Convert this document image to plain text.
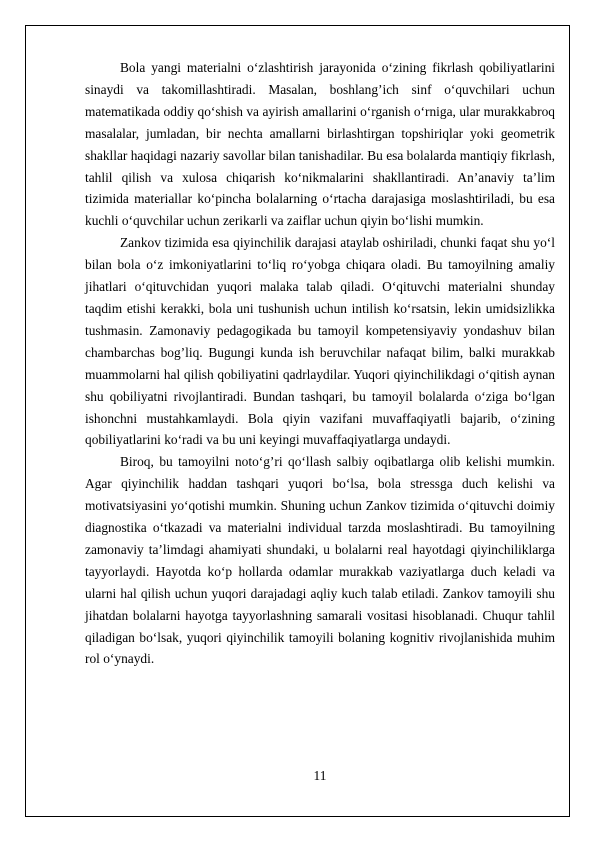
Bola yangi materialni o‘zlashtirish jarayonida o‘zining fikrlash qobiliyatlarini sinaydi va takomillashtiradi. Masalan, boshlang’ich sinf o‘quvchilari uchun matematikada oddiy qo‘shish va ayirish amallarini o‘rganish o‘rniga, ular murakkabroq masalalar, jumladan, bir nechta amallarni birlashtirgan topshiriqlar yoki geometrik shakllar haqidagi nazariy savollar bilan tanishadilar. Bu esa bolalarda mantiqiy fikrlash, tahlil qilish va xulosa chiqarish ko‘nikmalarini shakllantiradi. An’anaviy ta’lim tizimida materiallar ko‘pincha bolalarning o‘rtacha darajasiga moslashtiriladi, bu esa kuchli o‘quvchilar uchun zerikarli va zaiflar uchun qiyin bo‘lishi mumkin.

Zankov tizimida esa qiyinchilik darajasi ataylab oshiriladi, chunki faqat shu yo‘l bilan bola o‘z imkoniyatlarini to‘liq ro‘yobga chiqara oladi. Bu tamoyilning amaliy jihatlari o‘qituvchidan yuqori malaka talab qiladi. O‘qituvchi materialni shunday taqdim etishi kerakki, bola uni tushunish uchun intilish ko‘rsatsin, lekin umidsizlikka tushmasin. Zamonaviy pedagogikada bu tamoyil kompetensiyaviy yondashuv bilan chambarchas bog’liq. Bugungi kunda ish beruvchilar nafaqat bilim, balki murakkab muammolarni hal qilish qobiliyatini qadrlaydilar. Yuqori qiyinchilikdagi o‘qitish aynan shu qobiliyatni rivojlantiradi. Bundan tashqari, bu tamoyil bolalarda o‘ziga bo‘lgan ishonchni mustahkamlaydi. Bola qiyin vazifani muvaffaqiyatli bajarib, o‘zining qobiliyatlarini ko‘radi va bu uni keyingi muvaffaqiyatlarga undaydi.

Biroq, bu tamoyilni noto‘g’ri qo‘llash salbiy oqibatlarga olib kelishi mumkin. Agar qiyinchilik haddan tashqari yuqori bo‘lsa, bola stressga duch kelishi va motivatsiyasini yo‘qotishi mumkin. Shuning uchun Zankov tizimida o‘qituvchi doimiy diagnostika o‘tkazadi va materialni individual tarzda moslashtiradi. Bu tamoyilning zamonaviy ta’limdagi ahamiyati shundaki, u bolalarni real hayotdagi qiyinchiliklarga tayyorlaydi. Hayotda ko‘p hollarda odamlar murakkab vaziyatlarga duch keladi va ularni hal qilish uchun yuqori darajadagi aqliy kuch talab etiladi. Zankov tamoyili shu jihatdan bolalarni hayotga tayyorlashning samarali vositasi hisoblanadi. Chuqur tahlil qiladigan bo‘lsak, yuqori qiyinchilik tamoyili bolaning kognitiv rivojlanishida muhim rol o‘ynaydi.

11
